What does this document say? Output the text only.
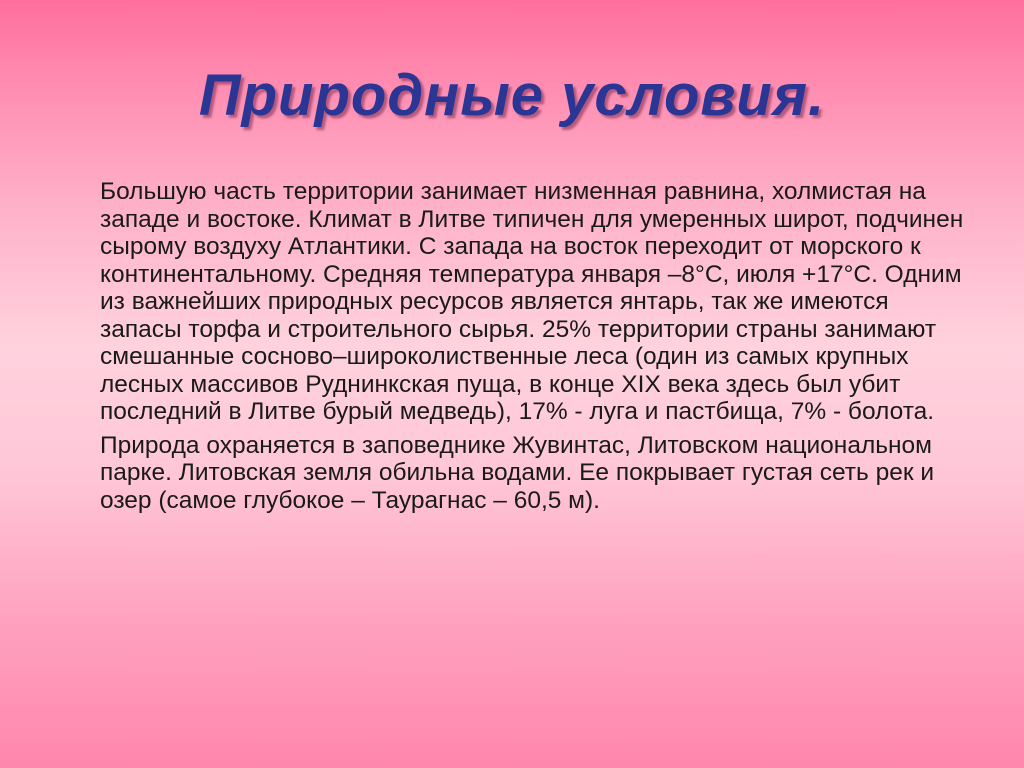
Природные условия.

Большую часть территории занимает низменная равнина, холмистая на западе и востоке. Климат в Литве типичен для умеренных широт, подчинен сырому воздуху Атлантики. С запада на восток переходит от морского к континентальному. Средняя температура января –8°С, июля +17°С. Одним из важнейших природных ресурсов является янтарь, так же имеются запасы торфа и строительного сырья. 25% территории страны занимают смешанные сосново–широколиственные леса (один из самых крупных лесных массивов Руднинкская пуща, в конце XIX века здесь был убит последний в Литве бурый медведь), 17% - луга и пастбища, 7% - болота.

Природа охраняется в заповеднике Жувинтас, Литовском национальном парке. Литовская земля обильна водами. Ее покрывает густая сеть рек и озер (самое глубокое – Таурагнас – 60,5 м).
